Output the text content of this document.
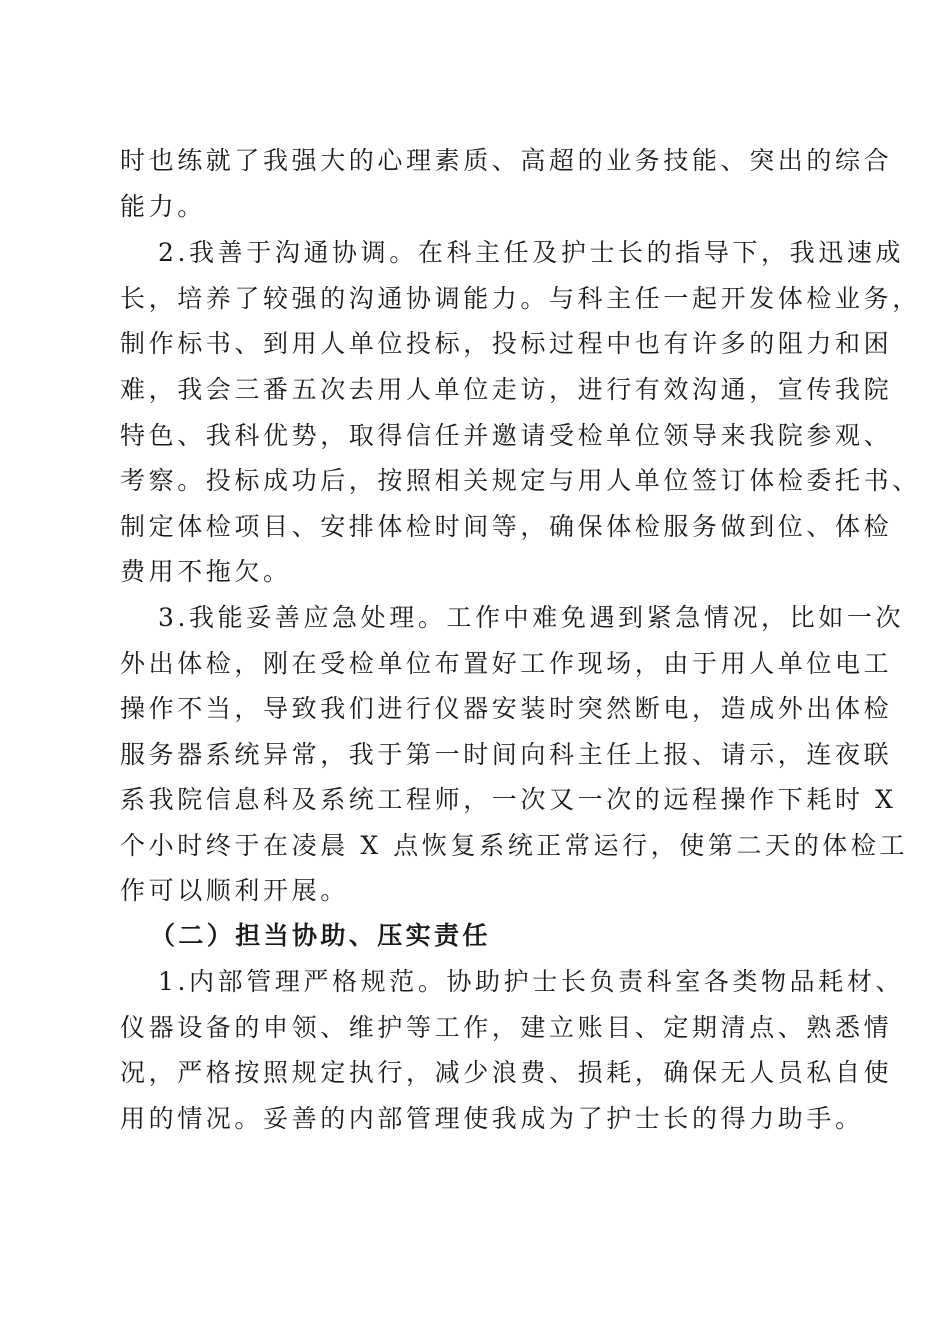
时也练就了我强大的心理素质、高超的业务技能、突出的综合
能力。
2.我善于沟通协调。在科主任及护士长的指导下，我迅速成
长，培养了较强的沟通协调能力。与科主任一起开发体检业务，
制作标书、到用人单位投标，投标过程中也有许多的阻力和困
难，我会三番五次去用人单位走访，进行有效沟通，宣传我院
特色、我科优势，取得信任并邀请受检单位领导来我院参观、
考察。投标成功后，按照相关规定与用人单位签订体检委托书、
制定体检项目、安排体检时间等，确保体检服务做到位、体检
费用不拖欠。
3.我能妥善应急处理。工作中难免遇到紧急情况，比如一次
外出体检，刚在受检单位布置好工作现场，由于用人单位电工
操作不当，导致我们进行仪器安装时突然断电，造成外出体检
服务器系统异常，我于第一时间向科主任上报、请示，连夜联
系我院信息科及系统工程师，一次又一次的远程操作下耗时 X
个小时终于在凌晨 X 点恢复系统正常运行，使第二天的体检工
作可以顺利开展。
（二）担当协助、压实责任
1.内部管理严格规范。协助护士长负责科室各类物品耗材、
仪器设备的申领、维护等工作，建立账目、定期清点、熟悉情
况，严格按照规定执行，减少浪费、损耗，确保无人员私自使
用的情况。妥善的内部管理使我成为了护士长的得力助手。
